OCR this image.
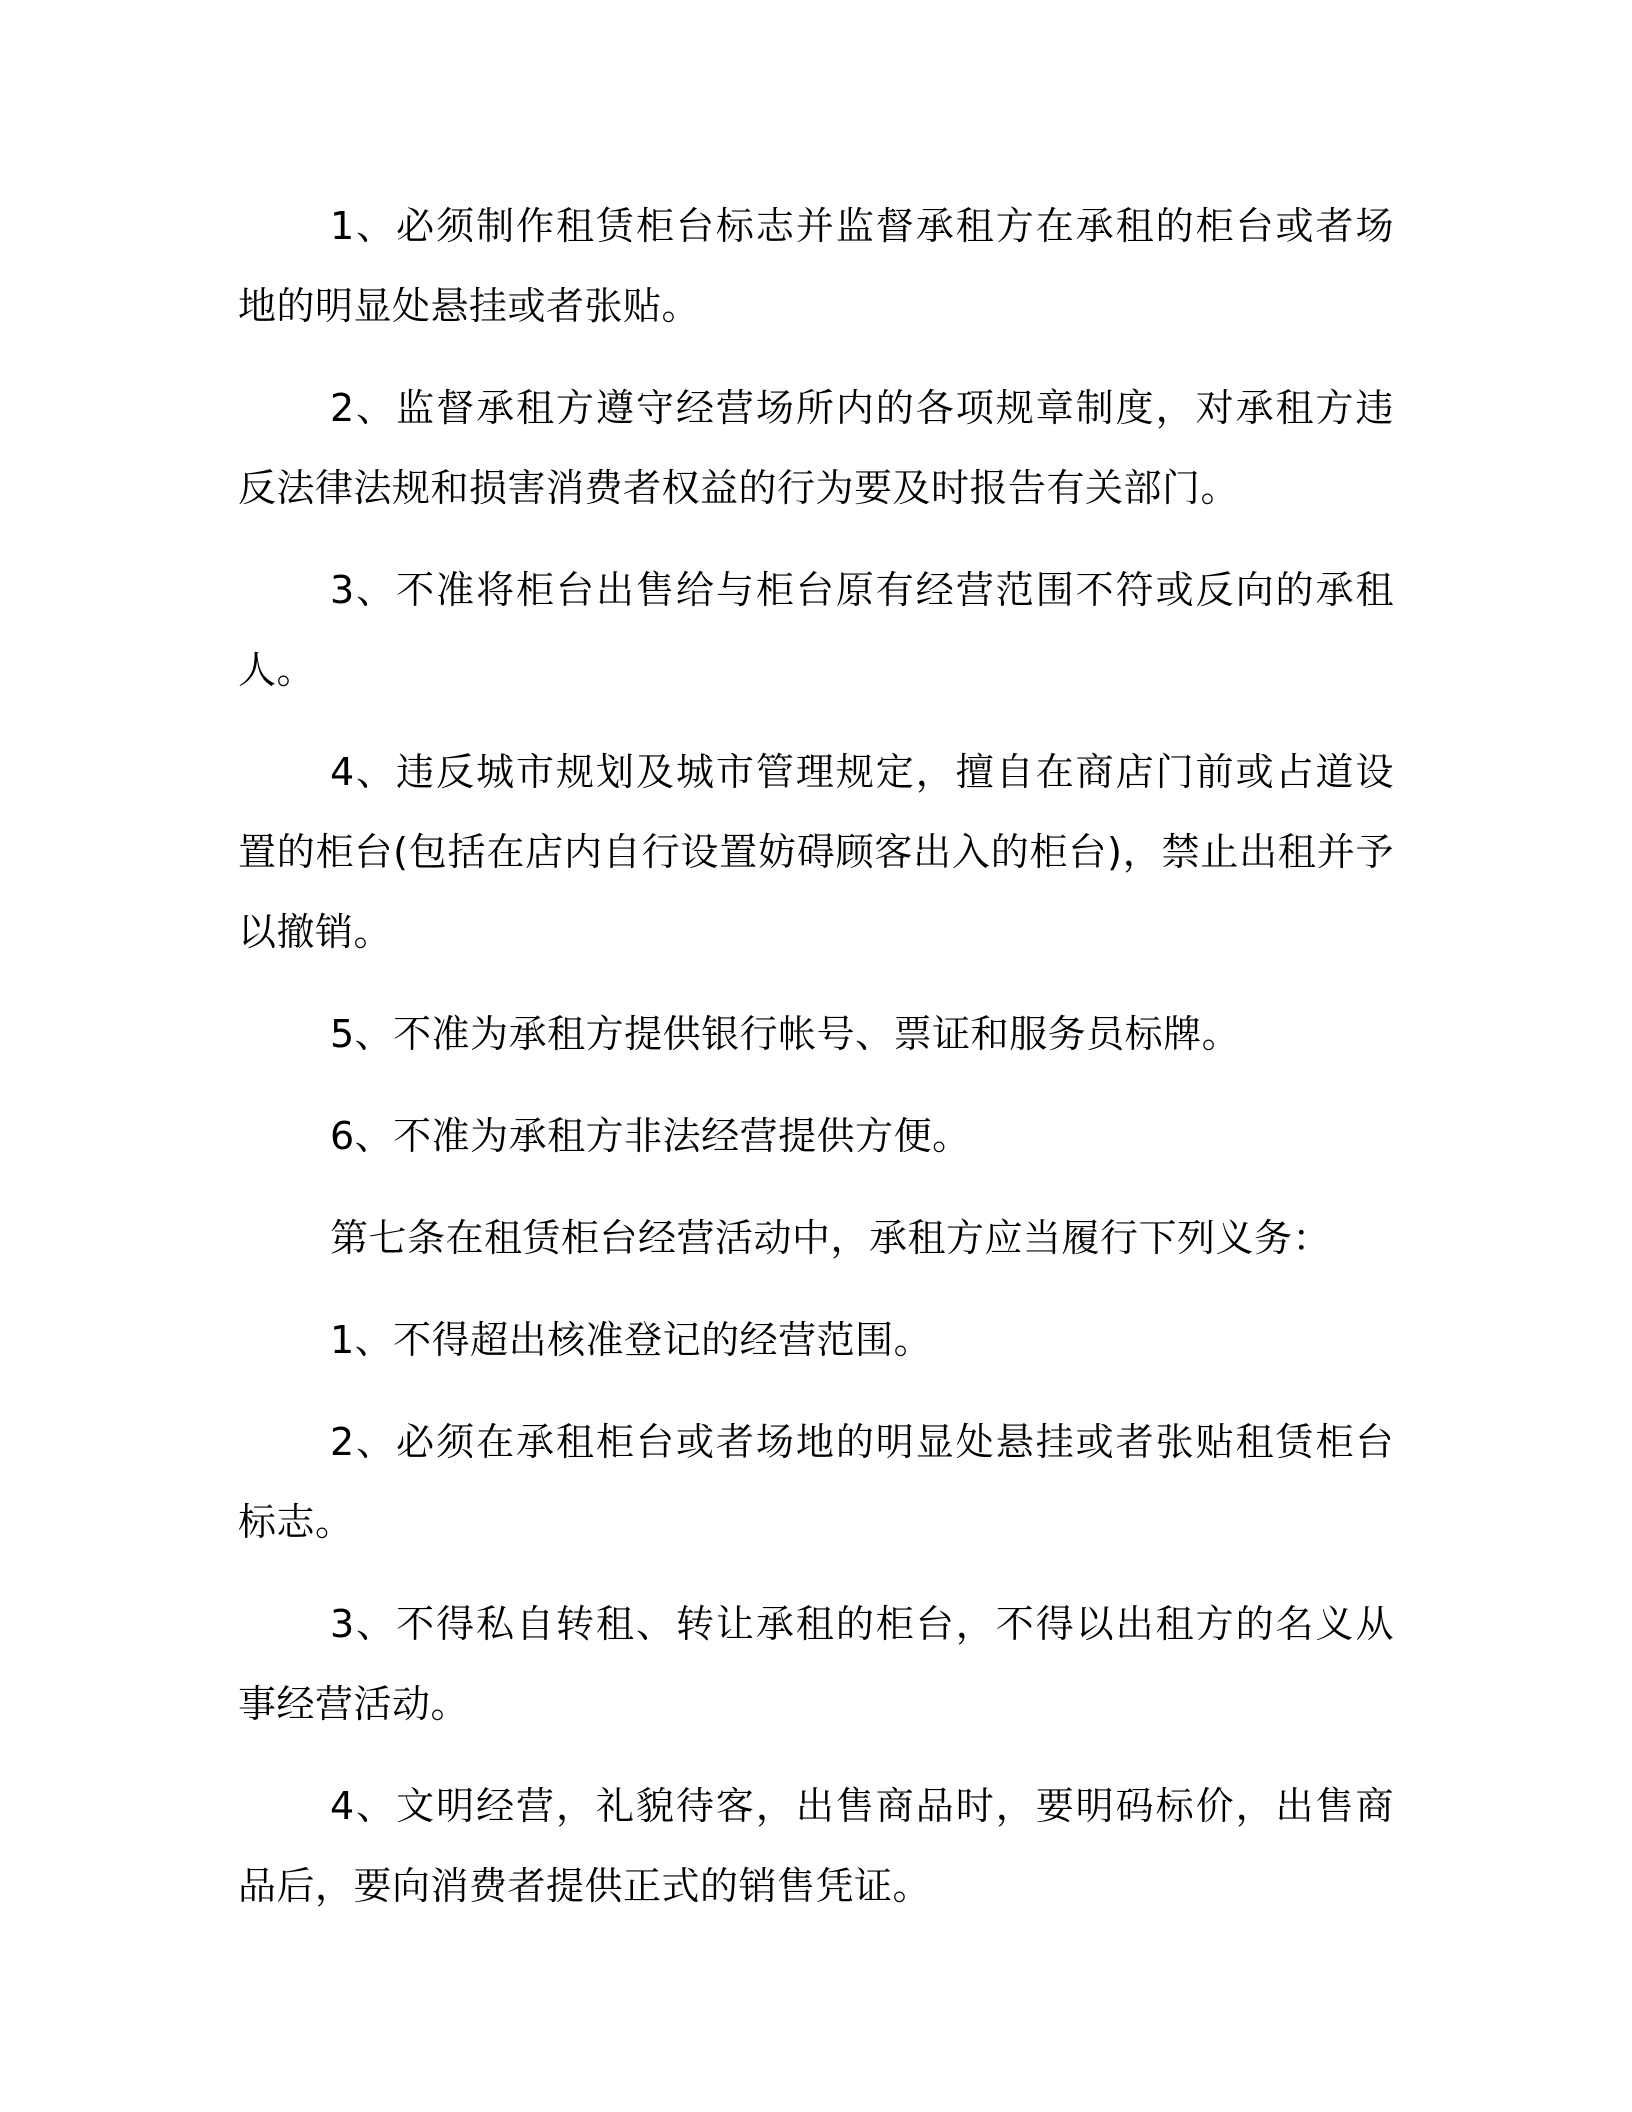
1、必须制作租赁柜台标志并监督承租方在承租的柜台或者场地的明显处悬挂或者张贴。

2、监督承租方遵守经营场所内的各项规章制度，对承租方违反法律法规和损害消费者权益的行为要及时报告有关部门。

3、不准将柜台出售给与柜台原有经营范围不符或反向的承租人。

4、违反城市规划及城市管理规定，擅自在商店门前或占道设置的柜台(包括在店内自行设置妨碍顾客出入的柜台)，禁止出租并予以撤销。

5、不准为承租方提供银行帐号、票证和服务员标牌。

6、不准为承租方非法经营提供方便。

第七条在租赁柜台经营活动中，承租方应当履行下列义务：

1、不得超出核准登记的经营范围。

2、必须在承租柜台或者场地的明显处悬挂或者张贴租赁柜台标志。

3、不得私自转租、转让承租的柜台，不得以出租方的名义从事经营活动。

4、文明经营，礼貌待客，出售商品时，要明码标价，出售商品后，要向消费者提供正式的销售凭证。
